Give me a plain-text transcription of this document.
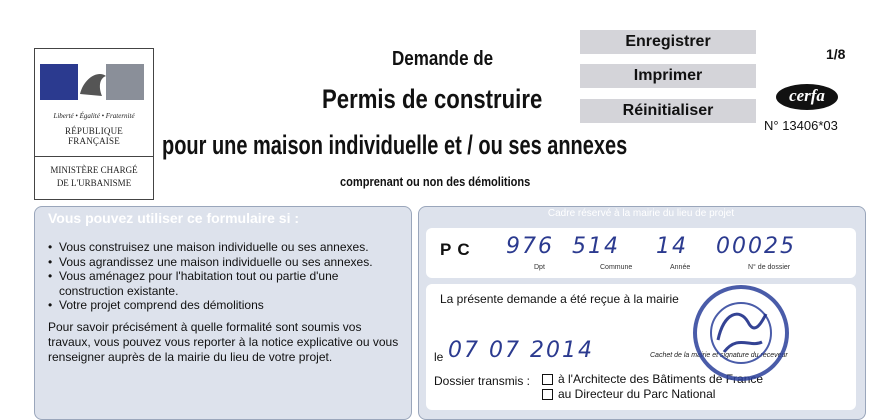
Liberté • Égalité • Fraternité
RÉPUBLIQUE FRANÇAISE
MINISTÈRE CHARGÉ
DE L'URBANISME
Demande de
Permis de construire
pour une maison individuelle et / ou ses annexes
comprenant ou non des démolitions
Enregistrer
Imprimer
Réinitialiser
1/8
cerfa
N° 13406*03
Vous pouvez utiliser ce formulaire si :
• Vous construisez une maison individuelle ou ses annexes.
• Vous agrandissez une maison individuelle ou ses annexes.
• Vous aménagez pour l'habitation tout ou partie d'une construction existante.
• Votre projet comprend des démolitions
Pour savoir précisément à quelle formalité sont soumis vos travaux, vous pouvez vous reporter à la notice explicative ou vous renseigner auprès de la mairie du lieu de votre projet.
Cadre réservé à la mairie du lieu de projet
PC 976 514 14 00025
Dpt	Commune	Année	N° de dossier
La présente demande a été reçue à la mairie
le 07 07 2014	Cachet de la mairie et signature du receveur
Dossier transmis : à l'Architecte des Bâtiments de France
au Directeur du Parc National
